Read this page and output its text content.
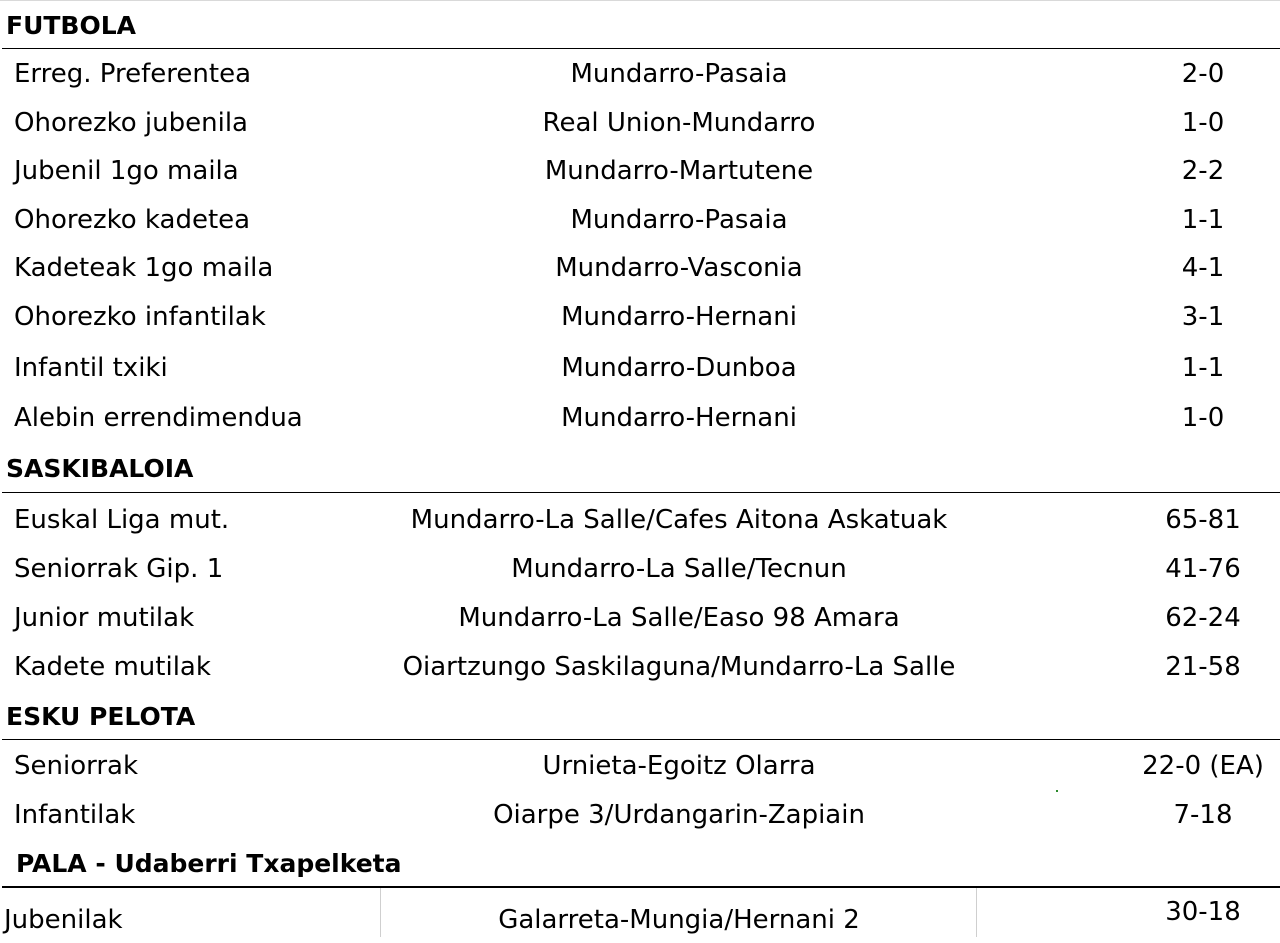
FUTBOLA
Erreg. Preferentea	Mundarro-Pasaia	2-0
Ohorezko jubenila	Real Union-Mundarro	1-0
Jubenil 1go maila	Mundarro-Martutene	2-2
Ohorezko kadetea	Mundarro-Pasaia	1-1
Kadeteak 1go maila	Mundarro-Vasconia	4-1
Ohorezko infantilak	Mundarro-Hernani	3-1
Infantil txiki	Mundarro-Dunboa	1-1
Alebin errendimendua	Mundarro-Hernani	1-0
SASKIBALOIA
Euskal Liga mut.	Mundarro-La Salle/Cafes Aitona Askatuak	65-81
Seniorrak Gip. 1	Mundarro-La Salle/Tecnun	41-76
Junior mutilak	Mundarro-La Salle/Easo 98 Amara	62-24
Kadete mutilak	Oiartzungo Saskilaguna/Mundarro-La Salle	21-58
ESKU PELOTA
Seniorrak	Urnieta-Egoitz Olarra	22-0 (EA)
Infantilak	Oiarpe 3/Urdangarin-Zapiain	7-18
PALA - Udaberri Txapelketa
Jubenilak	Galarreta-Mungia/Hernani 2	30-18
